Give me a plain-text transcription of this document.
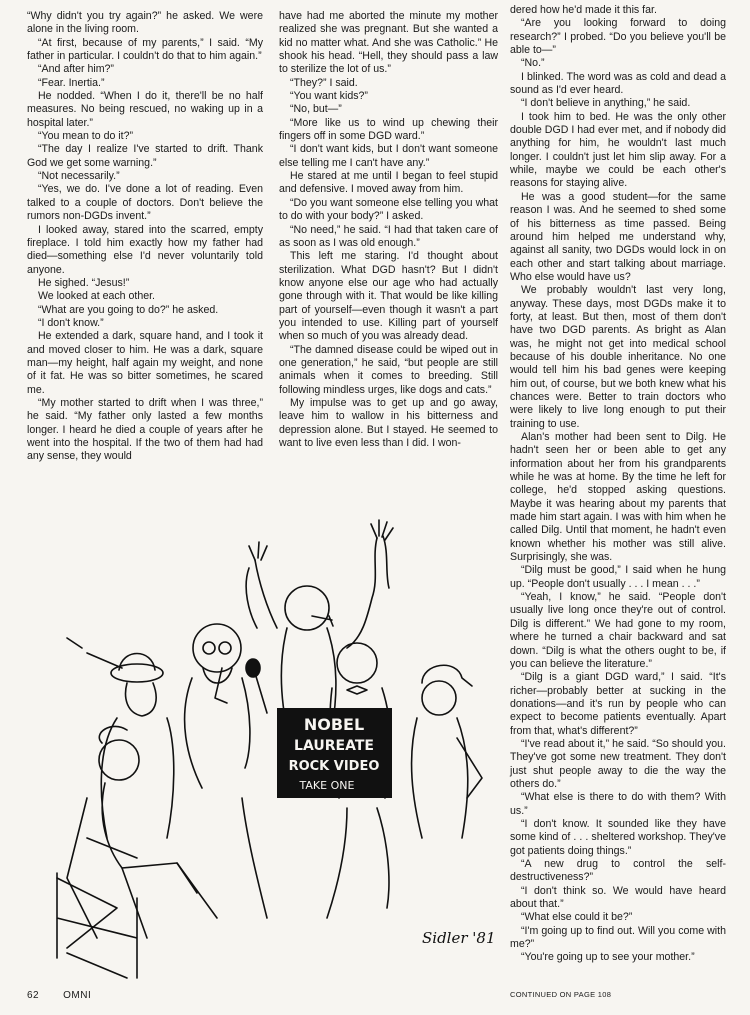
“Why didn't you try again?” he asked. We were alone in the living room.

“At first, because of my parents,” I said. “My father in particular. I couldn't do that to him again.”

“And after him?”

“Fear. Inertia.”

He nodded. “When I do it, there'll be no half measures. No being rescued, no waking up in a hospital later.”

“You mean to do it?”

“The day I realize I've started to drift. Thank God we get some warning.”

“Not necessarily.”

“Yes, we do. I've done a lot of reading. Even talked to a couple of doctors. Don't believe the rumors non-DGDs invent.”

I looked away, stared into the scarred, empty fireplace. I told him exactly how my father had died—something else I'd never voluntarily told anyone.

He sighed. “Jesus!”

We looked at each other.

“What are you going to do?” he asked.

“I don't know.”

He extended a dark, square hand, and I took it and moved closer to him. He was a dark, square man—my height, half again my weight, and none of it fat. He was so bitter sometimes, he scared me.

“My mother started to drift when I was three,” he said. “My father only lasted a few months longer. I heard he died a couple of years after he went into the hospital. If the two of them had had any sense, they would

have had me aborted the minute my mother realized she was pregnant. But she wanted a kid no matter what. And she was Catholic.” He shook his head. “Hell, they should pass a law to sterilize the lot of us.”

“They?” I said.

“You want kids?”

“No, but—”

“More like us to wind up chewing their fingers off in some DGD ward.”

“I don't want kids, but I don't want someone else telling me I can't have any.”

He stared at me until I began to feel stupid and defensive. I moved away from him.

“Do you want someone else telling you what to do with your body?” I asked.

“No need,” he said. “I had that taken care of as soon as I was old enough.”

This left me staring. I'd thought about sterilization. What DGD hasn't? But I didn't know anyone else our age who had actually gone through with it. That would be like killing part of yourself—even though it wasn't a part you intended to use. Killing part of yourself when so much of you was already dead.

“The damned disease could be wiped out in one generation,” he said, “but people are still animals when it comes to breeding. Still following mindless urges, like dogs and cats.”

My impulse was to get up and go away, leave him to wallow in his bitterness and depression alone. But I stayed. He seemed to want to live even less than I did. I won-

dered how he'd made it this far.

“Are you looking forward to doing research?” I probed. “Do you believe you'll be able to—”

“No.”

I blinked. The word was as cold and dead a sound as I'd ever heard.

“I don't believe in anything,” he said.

I took him to bed. He was the only other double DGD I had ever met, and if nobody did anything for him, he wouldn't last much longer. I couldn't just let him slip away. For a while, maybe we could be each other's reasons for staying alive.

He was a good student—for the same reason I was. And he seemed to shed some of his bitterness as time passed. Being around him helped me understand why, against all sanity, two DGDs would lock in on each other and start talking about marriage. Who else would have us?

We probably wouldn't last very long, anyway. These days, most DGDs make it to forty, at least. But then, most of them don't have two DGD parents. As bright as Alan was, he might not get into medical school because of his double inheritance. No one would tell him his bad genes were keeping him out, of course, but we both knew what his chances were. Better to train doctors who were likely to live long enough to put their training to use.

Alan's mother had been sent to Dilg. He hadn't seen her or been able to get any information about her from his grandparents while he was at home. By the time he left for college, he'd stopped asking questions. Maybe it was hearing about my parents that made him start again. I was with him when he called Dilg. Until that moment, he hadn't even known whether his mother was still alive. Surprisingly, she was.

“Dilg must be good,” I said when he hung up. “People don't usually . . . I mean . . .”

“Yeah, I know,” he said. “People don't usually live long once they're out of control. Dilg is different.” We had gone to my room, where he turned a chair backward and sat down. “Dilg is what the others ought to be, if you can believe the literature.”

“Dilg is a giant DGD ward,” I said. “It's richer—probably better at sucking in the donations—and it's run by people who can expect to become patients eventually. Apart from that, what's different?”

“I've read about it,” he said. “So should you. They've got some new treatment. They don't just shut people away to die the way the others do.”

“What else is there to do with them? With us.”

“I don't know. It sounded like they have some kind of . . . sheltered workshop. They've got patients doing things.”

“A new drug to control the self-destructiveness?”

“I don't think so. We would have heard about that.”

“What else could it be?”

“I'm going up to find out. Will you come with me?”

“You're going up to see your mother.”

NOBEL
LAUREATE
ROCK VIDEO
TAKE ONE
Sidler '81
62 OMNI	CONTINUED ON PAGE 108
